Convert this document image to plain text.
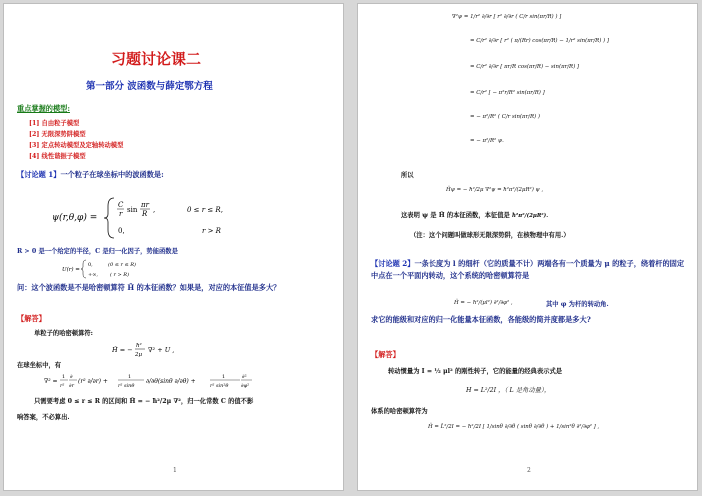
习题讨论课二
第一部分 波函数与薛定鄂方程
重点掌握的模型:
[1] 自由粒子模型
[2] 无限深势阱模型
[3] 定点转动模型及定轴转动模型
[4] 线性谐振子模型
【讨论题 1】一个粒子在球坐标中的波函数是:
ψ(r,θ,φ) =
C
r sin
πr
R ,	0 ≤ r ≤ R,
0,	r > R
R > 0 是一个给定的半径，C 是归一化因子，势能函数是
U(r) =
0,	(0 ≤ r ≤ R)
+∞, ( r > R)
问：这个波函数是不是哈密顿算符 Ĥ 的本征函数？如果是，对应的本征值是多大？
【解答】
单粒子的哈密顿算符:
Ĥ = − ħ²
2μ
∇² + U ,
在球坐标中，有
∇² =
1
r²
∂
∂r
(r² ∂/∂r) +
1
r² sinθ
∂/∂θ(sinθ ∂/∂θ) +
1
r² sin²θ
∂²
∂φ²
只需要考虑 0 ≤ r ≤ R 的区间和 Ĥ = − ħ²/2μ ∇²，归一化常数 C 的值不影
响答案，不必算出.
1
∇²ψ = 1/r² ∂/∂r [ r² ∂/∂r ( C/r sin(πr/R) ) ]
= C/r² ∂/∂r [ r² ( π/(Rr) cos(πr/R) − 1/r² sin(πr/R) ) ]
= C/r² ∂/∂r [ πr/R cos(πr/R) − sin(πr/R) ]
= C/r² [ − π²r/R² sin(πr/R) ]
= − π²/R² ( C/r sin(πr/R) )
= − π²/R² ψ.
所以
Ĥψ = − ħ²/2μ ∇²ψ = ħ²π²/(2μR²) ψ ,
这表明 ψ 是 Ĥ 的本征函数，本征值是 ħ²π²/(2μR²).
（注：这个问题叫做球形无限深势阱，在核物理中有用.）
【讨论题 2】一条长度为 l 的细杆（它的质量不计）两端各有一个质量为 μ 的粒子，绕着杆的固定中点在一个平面内转动，这个系统的哈密顿算符是
Ĥ = − ħ²/(μl²) ∂²/∂φ² ,	其中 φ 为杆的转动角.
求它的能级和对应的归一化能量本征函数，各能级的简并度都是多大?
【解答】
转动惯量为 I = ½ μl² 的刚性转子，它的能量的经典表示式是
H = L²/2I ，（ L 是角动量），
体系的哈密顿算符为
Ĥ = L̂²/2I = − ħ²/2I [ 1/sinθ ∂/∂θ ( sinθ ∂/∂θ ) + 1/sin²θ ∂²/∂φ² ] ,
2
